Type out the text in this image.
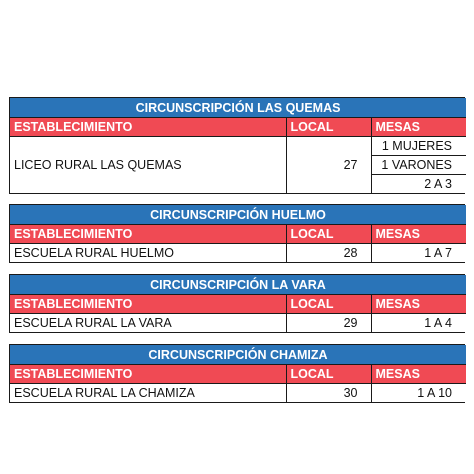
CIRCUNSCRIPCIÓN LAS QUEMAS		
ESTABLECIMIENTO	LOCAL	MESAS
LICEO RURAL LAS QUEMAS	27	1 MUJERES
		1 VARONES
		2 A 3
CIRCUNSCRIPCIÓN HUELMO		
ESTABLECIMIENTO	LOCAL	MESAS
ESCUELA RURAL HUELMO	28	1 A 7
CIRCUNSCRIPCIÓN LA VARA		
ESTABLECIMIENTO	LOCAL	MESAS
ESCUELA RURAL LA VARA	29	1 A 4
CIRCUNSCRIPCIÓN CHAMIZA		
ESTABLECIMIENTO	LOCAL	MESAS
ESCUELA RURAL LA CHAMIZA	30	1 A 10
